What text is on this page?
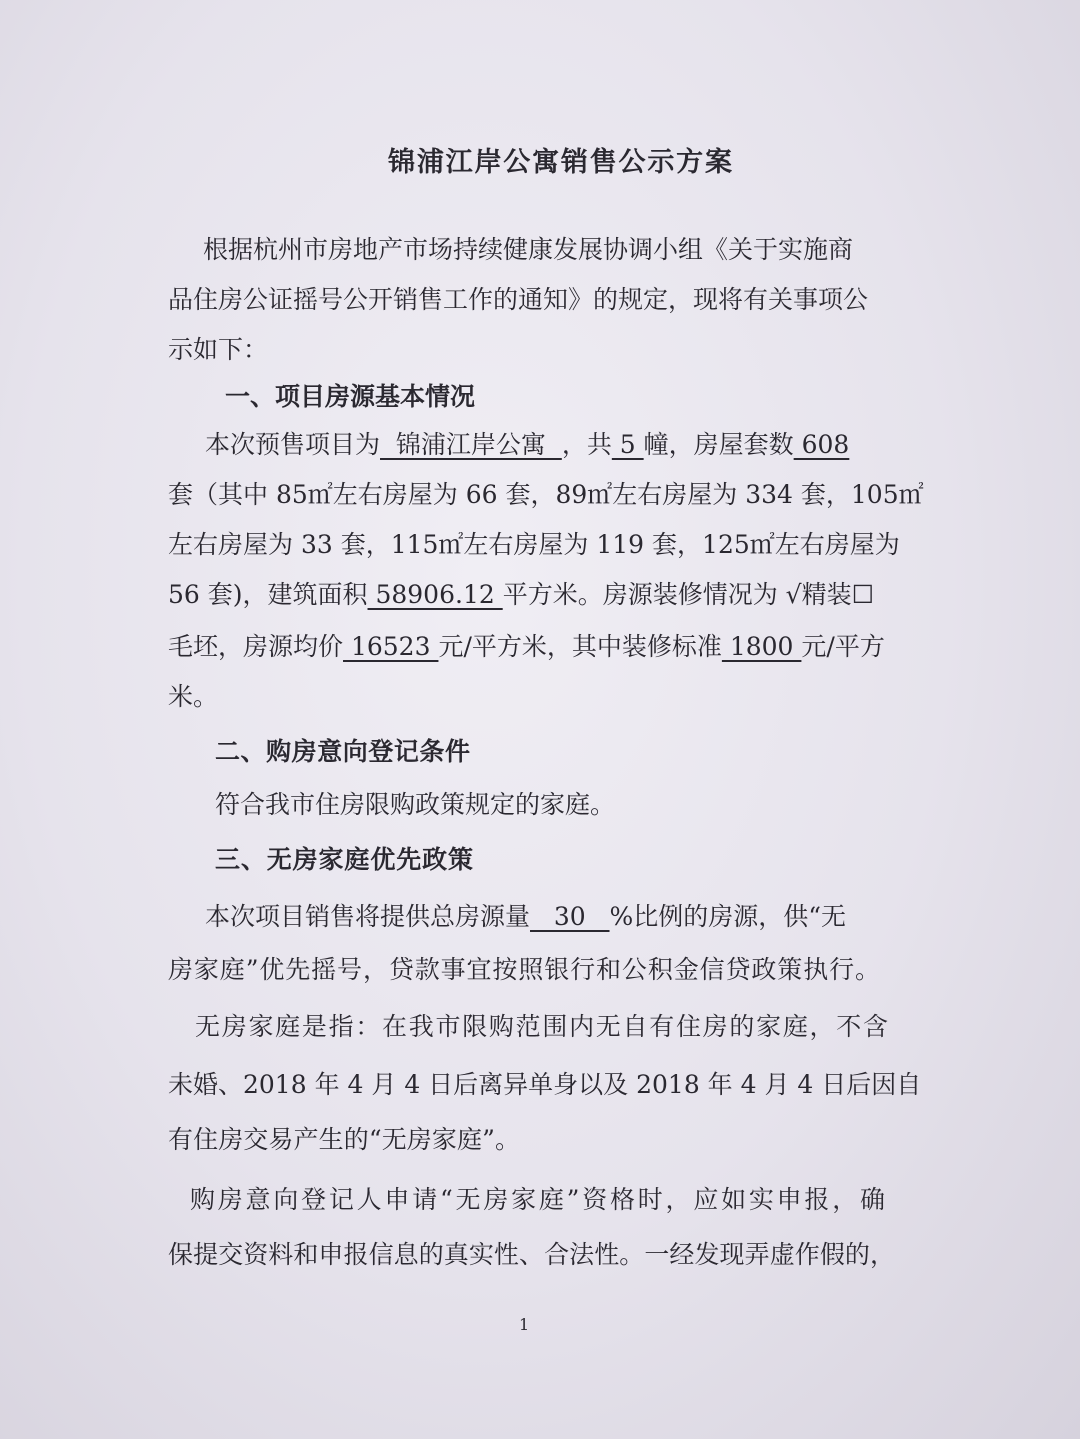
锦浦江岸公寓销售公示方案
根据杭州市房地产市场持续健康发展协调小组《关于实施商
品住房公证摇号公开销售工作的通知》的规定，现将有关事项公
示如下：
一、项目房源基本情况
本次预售项目为  锦浦江岸公寓  ，共 5 幢，房屋套数 608
套（其中 85㎡左右房屋为 66 套，89㎡左右房屋为 334 套，105㎡
左右房屋为 33 套，115㎡左右房屋为 119 套，125㎡左右房屋为
56 套)，建筑面积 58906.12 平方米。房源装修情况为 √精装☐
毛坯，房源均价 16523 元/平方米，其中装修标准 1800 元/平方
米。
二、购房意向登记条件
符合我市住房限购政策规定的家庭。
三、无房家庭优先政策
本次项目销售将提供总房源量   30   %比例的房源，供“无
房家庭”优先摇号，贷款事宜按照银行和公积金信贷政策执行。
无房家庭是指：在我市限购范围内无自有住房的家庭，不含
未婚、2018 年 4 月 4 日后离异单身以及 2018 年 4 月 4 日后因自
有住房交易产生的“无房家庭”。
购房意向登记人申请“无房家庭”资格时，应如实申报，确
保提交资料和申报信息的真实性、合法性。一经发现弄虚作假的，
1
